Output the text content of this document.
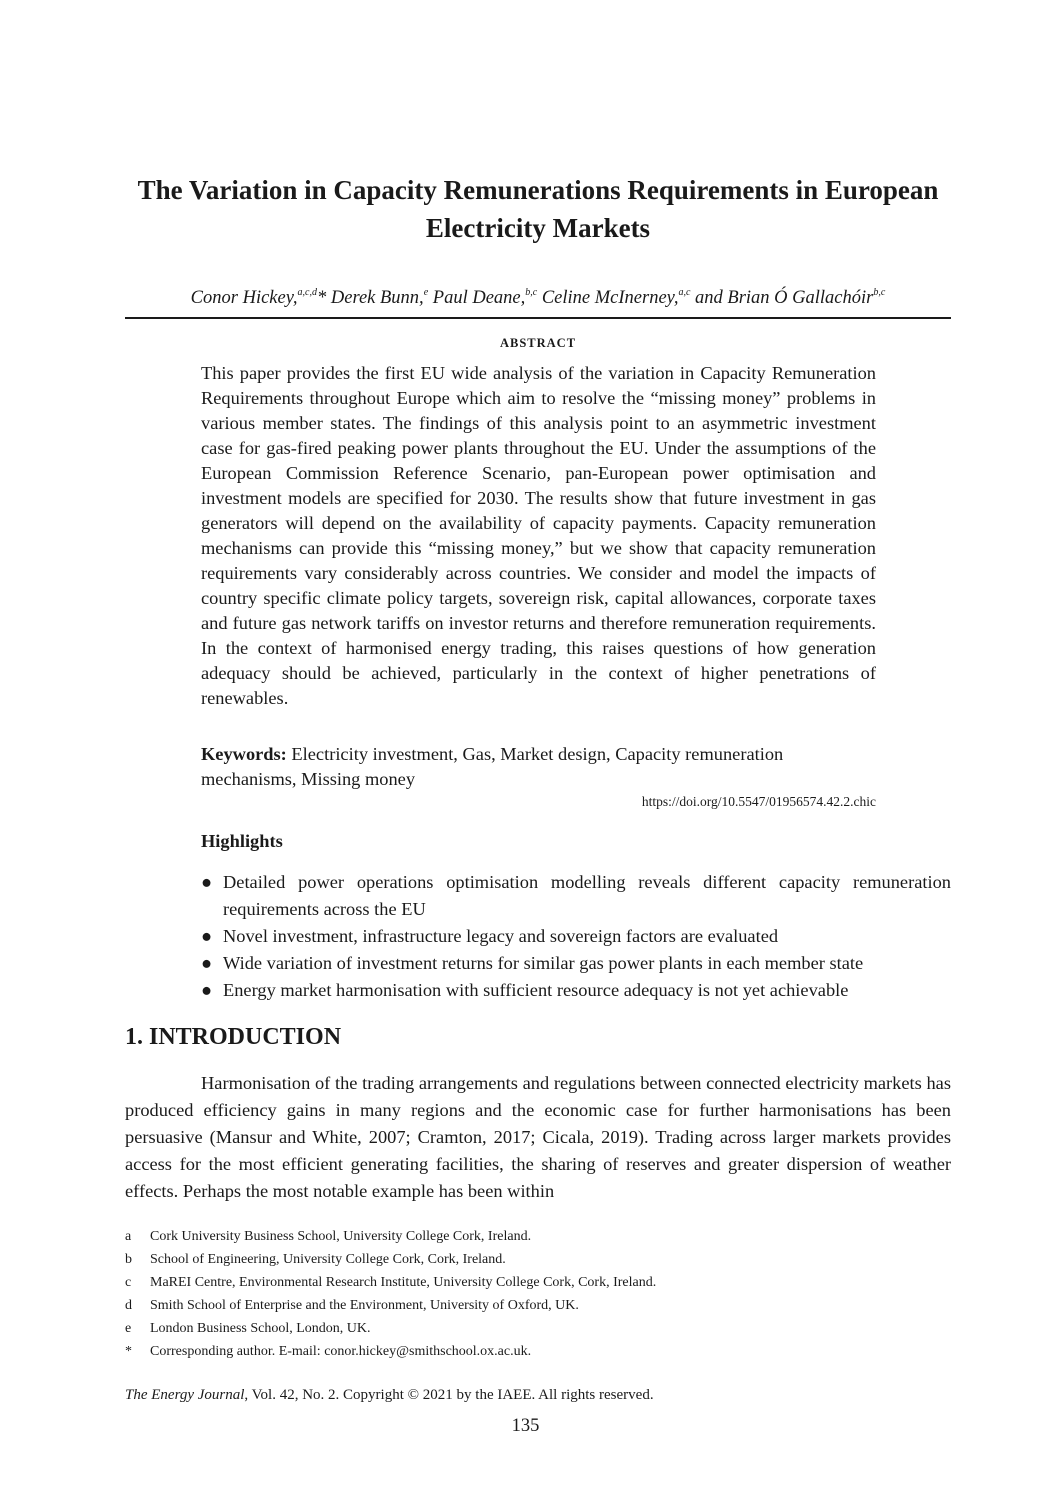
The Variation in Capacity Remunerations Requirements in European Electricity Markets
Conor Hickey,$^{a,c,d}$* Derek Bunn,$^e$ Paul Deane,$^{b,c}$ Celine McInerney,$^{a,c}$ and Brian Ó Gallachóir$^{b,c}$
ABSTRACT

This paper provides the first EU wide analysis of the variation in Capacity Remuneration Requirements throughout Europe which aim to resolve the “missing money” problems in various member states. The findings of this analysis point to an asymmetric investment case for gas-fired peaking power plants throughout the EU. Under the assumptions of the European Commission Reference Scenario, pan-European power optimisation and investment models are specified for 2030. The results show that future investment in gas generators will depend on the availability of capacity payments. Capacity remuneration mechanisms can provide this “missing money,” but we show that capacity remuneration requirements vary considerably across countries. We consider and model the impacts of country specific climate policy targets, sovereign risk, capital allowances, corporate taxes and future gas network tariffs on investor returns and therefore remuneration requirements. In the context of harmonised energy trading, this raises questions of how generation adequacy should be achieved, particularly in the context of higher penetrations of renewables.

Keywords: Electricity investment, Gas, Market design, Capacity remuneration mechanisms, Missing money

https://doi.org/10.5547/01956574.42.2.chic
Highlights
● Detailed power operations optimisation modelling reveals different capacity remuneration requirements across the EU
● Novel investment, infrastructure legacy and sovereign factors are evaluated
● Wide variation of investment returns for similar gas power plants in each member state
● Energy market harmonisation with sufficient resource adequacy is not yet achievable
1. INTRODUCTION

Harmonisation of the trading arrangements and regulations between connected electricity markets has produced efficiency gains in many regions and the economic case for further harmonisations has been persuasive (Mansur and White, 2007; Cramton, 2017; Cicala, 2019). Trading across larger markets provides access for the most efficient generating facilities, the sharing of reserves and greater dispersion of weather effects. Perhaps the most notable example has been within

a Cork University Business School, University College Cork, Ireland.
b School of Engineering, University College Cork, Cork, Ireland.
c MaREI Centre, Environmental Research Institute, University College Cork, Cork, Ireland.
d Smith School of Enterprise and the Environment, University of Oxford, UK.
e London Business School, London, UK.
* Corresponding author. E-mail: conor.hickey@smithschool.ox.ac.uk.
The Energy Journal, Vol. 42, No. 2. Copyright © 2021 by the IAEE. All rights reserved.
135
